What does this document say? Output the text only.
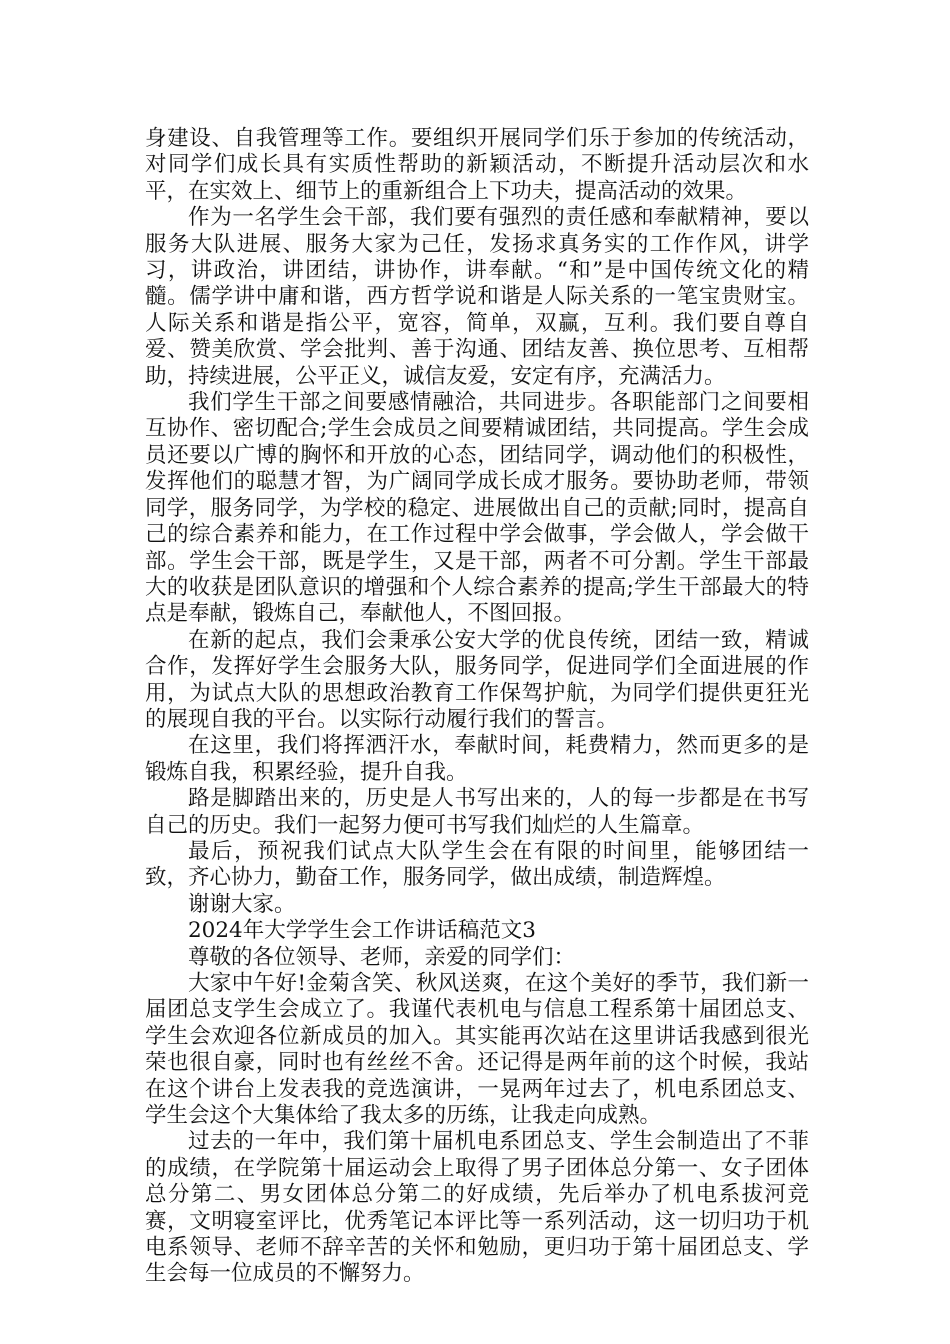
身建设、自我管理等工作。要组织开展同学们乐于参加的传统活动，对同学们成长具有实质性帮助的新颖活动，不断提升活动层次和水平，在实效上、细节上的重新组合上下功夫，提高活动的效果。

作为一名学生会干部，我们要有强烈的责任感和奉献精神，要以服务大队进展、服务大家为己任，发扬求真务实的工作作风，讲学习，讲政治，讲团结，讲协作，讲奉献。“和”是中国传统文化的精髓。儒学讲中庸和谐，西方哲学说和谐是人际关系的一笔宝贵财宝。人际关系和谐是指公平，宽容，简单，双赢，互利。我们要自尊自爱、赞美欣赏、学会批判、善于沟通、团结友善、换位思考、互相帮助，持续进展，公平正义，诚信友爱，安定有序，充满活力。

我们学生干部之间要感情融洽，共同进步。各职能部门之间要相互协作、密切配合;学生会成员之间要精诚团结，共同提高。学生会成员还要以广博的胸怀和开放的心态，团结同学，调动他们的积极性，发挥他们的聪慧才智，为广阔同学成长成才服务。要协助老师，带领同学，服务同学，为学校的稳定、进展做出自己的贡献;同时，提高自己的综合素养和能力，在工作过程中学会做事，学会做人，学会做干部。学生会干部，既是学生，又是干部，两者不可分割。学生干部最大的收获是团队意识的增强和个人综合素养的提高;学生干部最大的特点是奉献，锻炼自己，奉献他人，不图回报。

在新的起点，我们会秉承公安大学的优良传统，团结一致，精诚合作，发挥好学生会服务大队，服务同学，促进同学们全面进展的作用，为试点大队的思想政治教育工作保驾护航，为同学们提供更狂光的展现自我的平台。以实际行动履行我们的誓言。

在这里，我们将挥洒汗水，奉献时间，耗费精力，然而更多的是锻炼自我，积累经验，提升自我。

路是脚踏出来的，历史是人书写出来的，人的每一步都是在书写自己的历史。我们一起努力便可书写我们灿烂的人生篇章。

最后，预祝我们试点大队学生会在有限的时间里，能够团结一致，齐心协力，勤奋工作，服务同学，做出成绩，制造辉煌。

谢谢大家。

2024年大学学生会工作讲话稿范文3

尊敬的各位领导、老师，亲爱的同学们：

大家中午好!金菊含笑、秋风送爽，在这个美好的季节，我们新一届团总支学生会成立了。我谨代表机电与信息工程系第十届团总支、学生会欢迎各位新成员的加入。其实能再次站在这里讲话我感到很光荣也很自豪，同时也有丝丝不舍。还记得是两年前的这个时候，我站在这个讲台上发表我的竞选演讲，一晃两年过去了，机电系团总支、学生会这个大集体给了我太多的历练，让我走向成熟。

过去的一年中，我们第十届机电系团总支、学生会制造出了不菲的成绩，在学院第十届运动会上取得了男子团体总分第一、女子团体总分第二、男女团体总分第二的好成绩，先后举办了机电系拔河竞赛，文明寝室评比，优秀笔记本评比等一系列活动，这一切归功于机电系领导、老师不辞辛苦的关怀和勉励，更归功于第十届团总支、学生会每一位成员的不懈努力。
